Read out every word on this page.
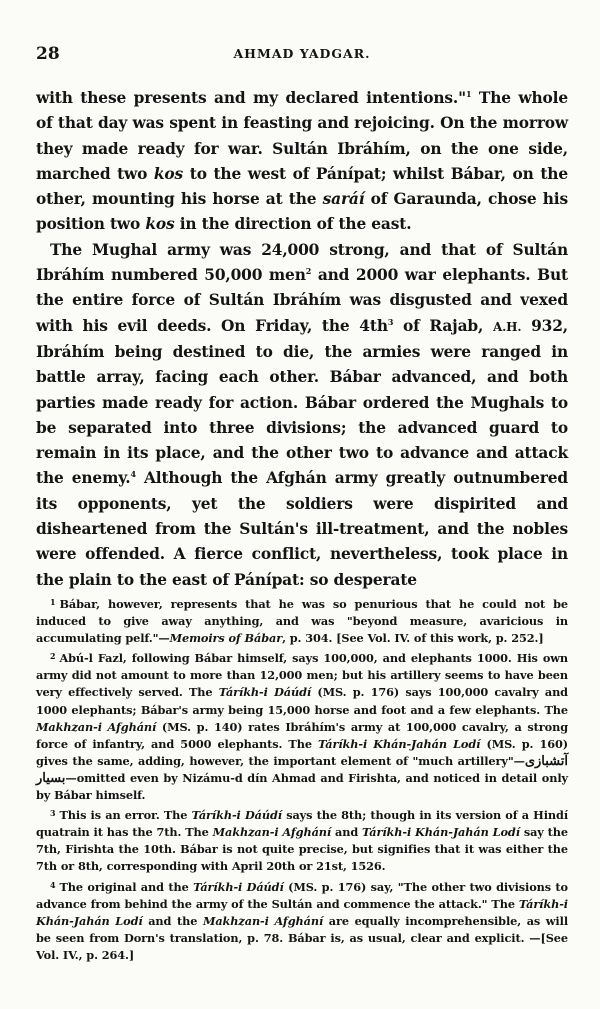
28	AHMAD YADGAR.

with these presents and my declared intentions."$^1$ The whole of that day was spent in feasting and rejoicing. On the morrow they made ready for war. Sultán Ibráhím, on the one side, marched two kos to the west of Pánípat; whilst Bábar, on the other, mounting his horse at the saráí of Garaunda, chose his position two kos in the direction of the east.

The Mughal army was 24,000 strong, and that of Sultán Ibráhím numbered 50,000 men$^2$ and 2000 war elephants. But the entire force of Sultán Ibráhím was disgusted and vexed with his evil deeds. On Friday, the 4th$^3$ of Rajab, A.H. 932, Ibráhím being destined to die, the armies were ranged in battle array, facing each other. Bábar advanced, and both parties made ready for action. Bábar ordered the Mughals to be separated into three divisions; the advanced guard to remain in its place, and the other two to advance and attack the enemy.$^4$ Although the Afghán army greatly outnumbered its opponents, yet the soldiers were dispirited and disheartened from the Sultán's ill-treatment, and the nobles were offended. A fierce conflict, nevertheless, took place in the plain to the east of Pánípat: so desperate

$^1$ Bábar, however, represents that he was so penurious that he could not be induced to give away anything, and was "beyond measure, avaricious in accumulating pelf."—Memoirs of Bábar, p. 304. [See Vol. IV. of this work, p. 252.]

$^2$ Abú-l Fazl, following Bábar himself, says 100,000, and elephants 1000. His own army did not amount to more than 12,000 men; but his artillery seems to have been very effectively served. The Táríkh-i Dáúdí (MS. p. 176) says 100,000 cavalry and 1000 elephants; Bábar's army being 15,000 horse and foot and a few elephants. The Makhzan-i Afghání (MS. p. 140) rates Ibráhím's army at 100,000 cavalry, a strong force of infantry, and 5000 elephants. The Táríkh-i Khán-Jahán Lodí (MS. p. 160) gives the same, adding, however, the important element of "much artillery"—آتشبازی بسیار—omitted even by Nizámu-d dín Ahmad and Firishta, and noticed in detail only by Bábar himself.

$^3$ This is an error. The Táríkh-i Dáúdí says the 8th; though in its version of a Hindí quatrain it has the 7th. The Makhzan-i Afghání and Táríkh-i Khán-Jahán Lodí say the 7th, Firishta the 10th. Bábar is not quite precise, but signifies that it was either the 7th or 8th, corresponding with April 20th or 21st, 1526.

$^4$ The original and the Táríkh-i Dáúdí (MS. p. 176) say, "The other two divisions to advance from behind the army of the Sultán and commence the attack." The Táríkh-i Khán-Jahán Lodí and the Makhzan-i Afghání are equally incomprehensible, as will be seen from Dorn's translation, p. 78. Bábar is, as usual, clear and explicit. —[See Vol. IV., p. 264.]
